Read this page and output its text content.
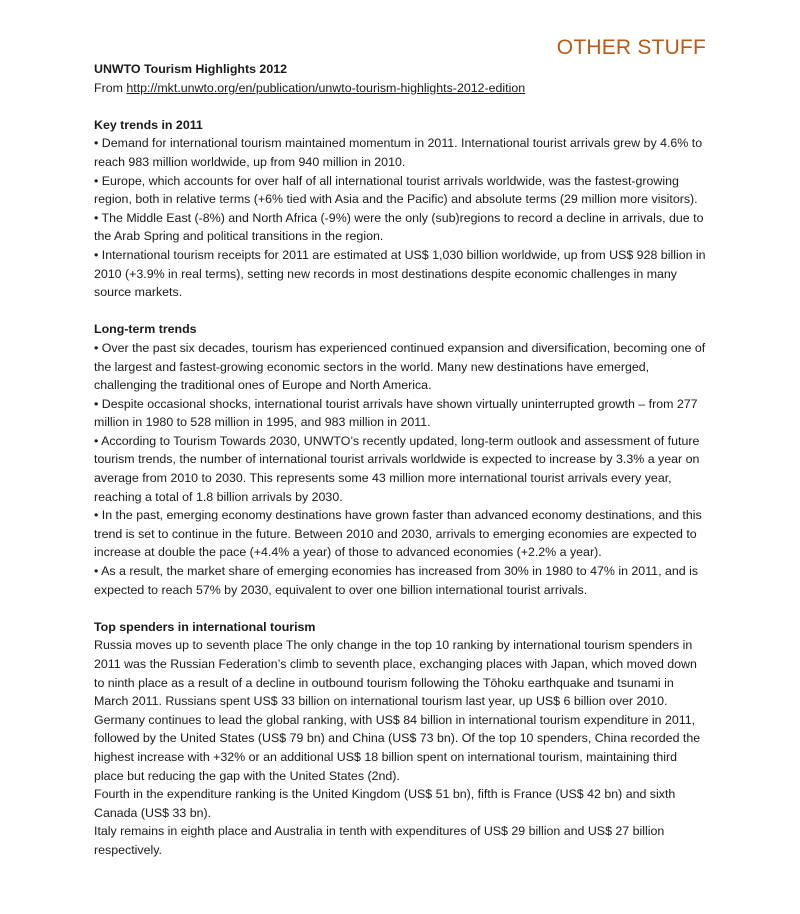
OTHER STUFF
UNWTO Tourism Highlights 2012
From http://mkt.unwto.org/en/publication/unwto-tourism-highlights-2012-edition
Key trends in 2011

• Demand for international tourism maintained momentum in 2011. International tourist arrivals grew by 4.6% to reach 983 million worldwide, up from 940 million in 2010.

• Europe, which accounts for over half of all international tourist arrivals worldwide, was the fastest-growing region, both in relative terms (+6% tied with Asia and the Pacific) and absolute terms (29 million more visitors).

• The Middle East (-8%) and North Africa (-9%) were the only (sub)regions to record a decline in arrivals, due to the Arab Spring and political transitions in the region.

• International tourism receipts for 2011 are estimated at US$ 1,030 billion worldwide, up from US$ 928 billion in 2010 (+3.9% in real terms), setting new records in most destinations despite economic challenges in many source markets.

Long-term trends

• Over the past six decades, tourism has experienced continued expansion and diversification, becoming one of the largest and fastest-growing economic sectors in the world. Many new destinations have emerged, challenging the traditional ones of Europe and North America.

• Despite occasional shocks, international tourist arrivals have shown virtually uninterrupted growth – from 277 million in 1980 to 528 million in 1995, and 983 million in 2011.

• According to Tourism Towards 2030, UNWTO’s recently updated, long-term outlook and assessment of future tourism trends, the number of international tourist arrivals worldwide is expected to increase by 3.3% a year on average from 2010 to 2030. This represents some 43 million more international tourist arrivals every year, reaching a total of 1.8 billion arrivals by 2030.

• In the past, emerging economy destinations have grown faster than advanced economy destinations, and this trend is set to continue in the future. Between 2010 and 2030, arrivals to emerging economies are expected to increase at double the pace (+4.4% a year) of those to advanced economies (+2.2% a year).

• As a result, the market share of emerging economies has increased from 30% in 1980 to 47% in 2011, and is expected to reach 57% by 2030, equivalent to over one billion international tourist arrivals.

Top spenders in international tourism

Russia moves up to seventh place The only change in the top 10 ranking by international tourism spenders in 2011 was the Russian Federation’s climb to seventh place, exchanging places with Japan, which moved down to ninth place as a result of a decline in outbound tourism following the Tōhoku earthquake and tsunami in March 2011. Russians spent US$ 33 billion on international tourism last year, up US$ 6 billion over 2010.

Germany continues to lead the global ranking, with US$ 84 billion in international tourism expenditure in 2011, followed by the United States (US$ 79 bn) and China (US$ 73 bn). Of the top 10 spenders, China recorded the highest increase with +32% or an additional US$ 18 billion spent on international tourism, maintaining third place but reducing the gap with the United States (2nd).

Fourth in the expenditure ranking is the United Kingdom (US$ 51 bn), fifth is France (US$ 42 bn) and sixth Canada (US$ 33 bn).

Italy remains in eighth place and Australia in tenth with expenditures of US$ 29 billion and US$ 27 billion respectively.
